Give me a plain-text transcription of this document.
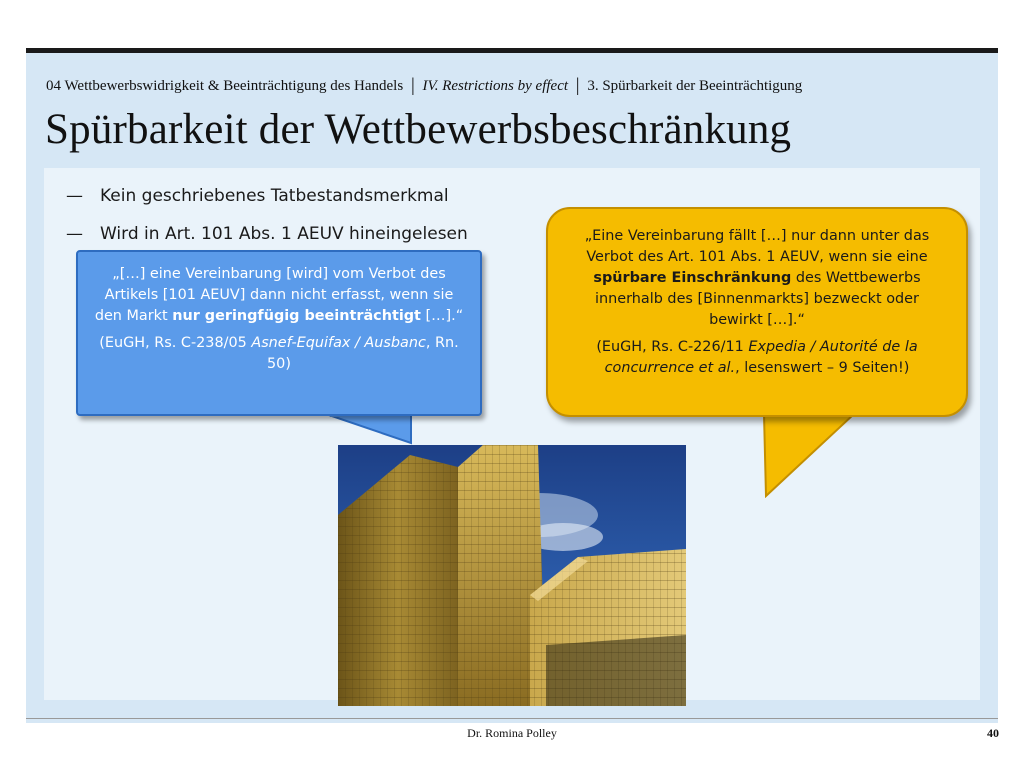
04 Wettbewerbswidrigkeit & Beeinträchtigung des Handels | IV. Restrictions by effect | 3. Spürbarkeit der Beeinträchtigung
Spürbarkeit der Wettbewerbsbeschränkung
— Kein geschriebenes Tatbestandsmerkmal
— Wird in Art. 101 Abs. 1 AEUV hineingelesen

„[…] eine Vereinbarung [wird] vom Verbot des Artikels [101 AEUV] dann nicht erfasst, wenn sie den Markt nur geringfügig beeinträchtigt […].“

(EuGH, Rs. C-238/05 Asnef-Equifax / Ausbanc, Rn. 50)

„Eine Vereinbarung fällt […] nur dann unter das Verbot des Art. 101 Abs. 1 AEUV, wenn sie eine spürbare Einschränkung des Wettbewerbs innerhalb des [Binnenmarkts] bezweckt oder bewirkt […].“

(EuGH, Rs. C-226/11 Expedia / Autorité de la concurrence et al., lesenswert – 9 Seiten!)

Dr. Romina Polley	40
